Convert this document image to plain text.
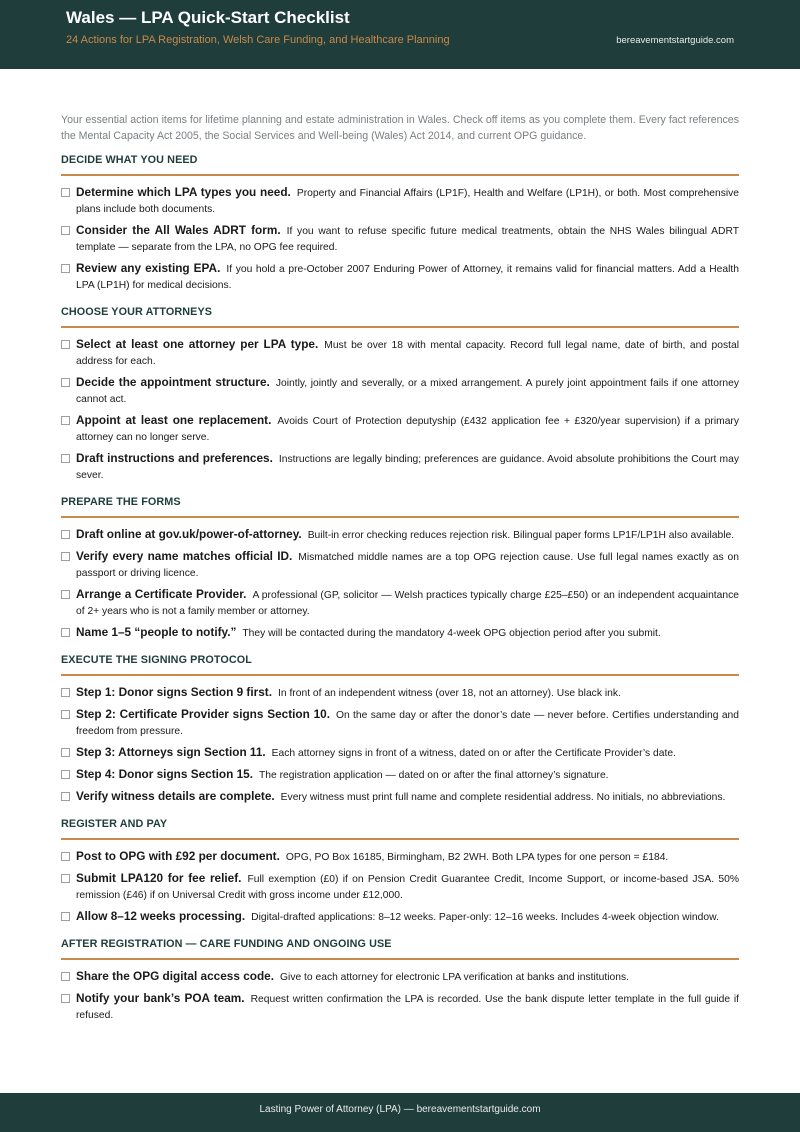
Wales — LPA Quick-Start Checklist
24 Actions for LPA Registration, Welsh Care Funding, and Healthcare Planning	bereavementstartguide.com

Your essential action items for lifetime planning and estate administration in Wales. Check off items as you complete them. Every fact references the Mental Capacity Act 2005, the Social Services and Well-being (Wales) Act 2014, and current OPG guidance.

DECIDE WHAT YOU NEED
Determine which LPA types you need. Property and Financial Affairs (LP1F), Health and Welfare (LP1H), or both. Most comprehensive plans include both documents.
Consider the All Wales ADRT form. If you want to refuse specific future medical treatments, obtain the NHS Wales bilingual ADRT template — separate from the LPA, no OPG fee required.
Review any existing EPA. If you hold a pre-October 2007 Enduring Power of Attorney, it remains valid for financial matters. Add a Health LPA (LP1H) for medical decisions.
CHOOSE YOUR ATTORNEYS
Select at least one attorney per LPA type. Must be over 18 with mental capacity. Record full legal name, date of birth, and postal address for each.
Decide the appointment structure. Jointly, jointly and severally, or a mixed arrangement. A purely joint appointment fails if one attorney cannot act.
Appoint at least one replacement. Avoids Court of Protection deputyship (£432 application fee + £320/year supervision) if a primary attorney can no longer serve.
Draft instructions and preferences. Instructions are legally binding; preferences are guidance. Avoid absolute prohibitions the Court may sever.
PREPARE THE FORMS
Draft online at gov.uk/power-of-attorney. Built-in error checking reduces rejection risk. Bilingual paper forms LP1F/LP1H also available.
Verify every name matches official ID. Mismatched middle names are a top OPG rejection cause. Use full legal names exactly as on passport or driving licence.
Arrange a Certificate Provider. A professional (GP, solicitor — Welsh practices typically charge £25–£50) or an independent acquaintance of 2+ years who is not a family member or attorney.
Name 1–5 “people to notify.” They will be contacted during the mandatory 4-week OPG objection period after you submit.
EXECUTE THE SIGNING PROTOCOL
Step 1: Donor signs Section 9 first. In front of an independent witness (over 18, not an attorney). Use black ink.
Step 2: Certificate Provider signs Section 10. On the same day or after the donor’s date — never before. Certifies understanding and freedom from pressure.
Step 3: Attorneys sign Section 11. Each attorney signs in front of a witness, dated on or after the Certificate Provider’s date.
Step 4: Donor signs Section 15. The registration application — dated on or after the final attorney’s signature.
Verify witness details are complete. Every witness must print full name and complete residential address. No initials, no abbreviations.
REGISTER AND PAY
Post to OPG with £92 per document. OPG, PO Box 16185, Birmingham, B2 2WH. Both LPA types for one person = £184.
Submit LPA120 for fee relief. Full exemption (£0) if on Pension Credit Guarantee Credit, Income Support, or income-based JSA. 50% remission (£46) if on Universal Credit with gross income under £12,000.
Allow 8–12 weeks processing. Digital-drafted applications: 8–12 weeks. Paper-only: 12–16 weeks. Includes 4-week objection window.
AFTER REGISTRATION — CARE FUNDING AND ONGOING USE
Share the OPG digital access code. Give to each attorney for electronic LPA verification at banks and institutions.
Notify your bank’s POA team. Request written confirmation the LPA is recorded. Use the bank dispute letter template in the full guide if refused.
Lasting Power of Attorney (LPA) — bereavementstartguide.com
